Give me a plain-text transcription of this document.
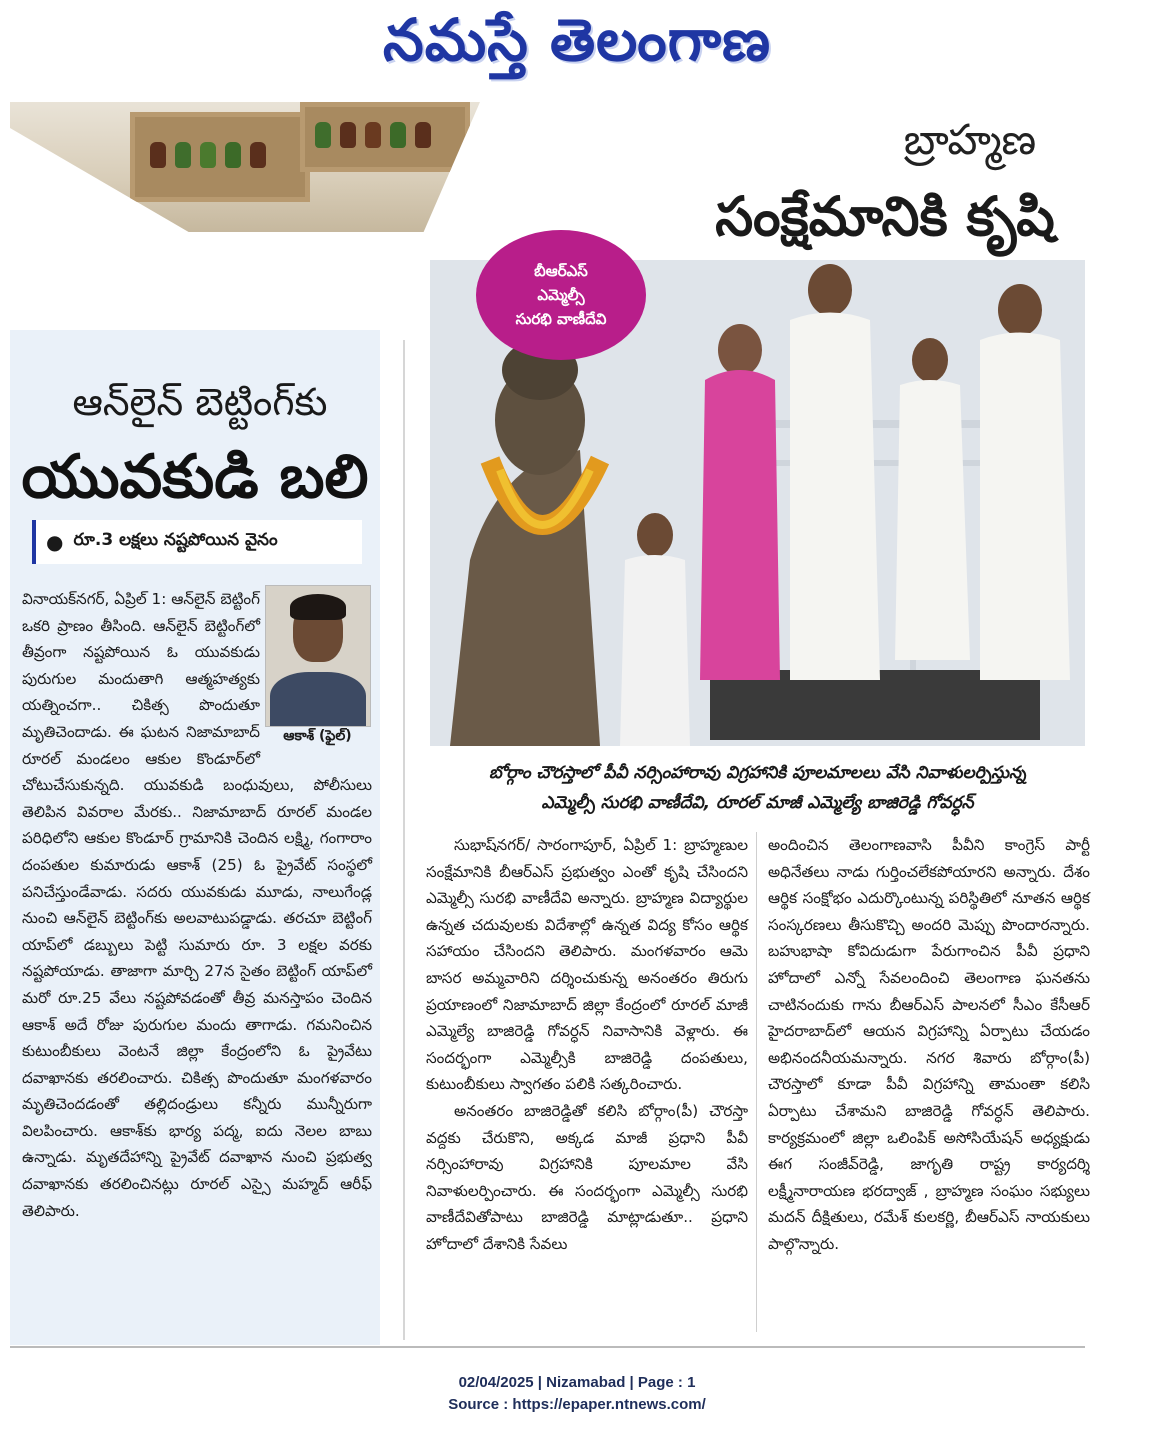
నమస్తే తెలంగాణ
బ్రాహ్మణ
సంక్షేమానికి కృషి
బీఆర్ఎస్
ఎమ్మెల్సీ
సురభి వాణీదేవి
బోర్గాం చౌరస్తాలో పీవీ నర్సింహారావు విగ్రహానికి పూలమాలలు వేసి నివాళులర్పిస్తున్న
ఎమ్మెల్సీ సురభి వాణీదేవి, రూరల్ మాజీ ఎమ్మెల్యే బాజిరెడ్డి గోవర్ధన్

సుభాష్‌నగర్/ సారంగాపూర్, ఏప్రిల్ 1: బ్రాహ్మణుల సంక్షేమానికి బీఆర్ఎస్ ప్రభుత్వం ఎంతో కృషి చేసిందని ఎమ్మెల్సీ సురభి వాణీదేవి అన్నారు. బ్రాహ్మణ విద్యార్థుల ఉన్నత చదువులకు విదేశాల్లో ఉన్నత విద్య కోసం ఆర్థిక సహాయం చేసిందని తెలిపారు. మంగళవారం ఆమె బాసర అమ్మవారిని దర్శించుకున్న అనంతరం తిరుగు ప్రయాణంలో నిజామాబాద్ జిల్లా కేంద్రంలో రూరల్ మాజీ ఎమ్మెల్యే బాజిరెడ్డి గోవర్ధన్ నివాసానికి వెళ్లారు. ఈ సందర్భంగా ఎమ్మెల్సీకి బాజిరెడ్డి దంపతులు, కుటుంబీకులు స్వాగతం పలికి సత్కరించారు.

అనంతరం బాజిరెడ్డితో కలిసి బోర్గాం(పీ) చౌరస్తా వద్దకు చేరుకొని, అక్కడ మాజీ ప్రధాని పీవీ నర్సింహారావు విగ్రహానికి పూలమాల వేసి నివాళులర్పించారు. ఈ సందర్భంగా ఎమ్మెల్సీ సురభి వాణీదేవితోపాటు బాజిరెడ్డి మాట్లాడుతూ.. ప్రధాని హోదాలో దేశానికి సేవలు

అందించిన తెలంగాణవాసి పీవీని కాంగ్రెస్ పార్టీ అధినేతలు నాడు గుర్తించలేకపోయారని అన్నారు. దేశం ఆర్థిక సంక్షోభం ఎదుర్కొంటున్న పరిస్థితిలో నూతన ఆర్థిక సంస్కరణలు తీసుకొచ్చి అందరి మెప్పు పొందారన్నారు. బహుభాషా కోవిదుడుగా పేరుగాంచిన పీవీ ప్రధాని హోదాలో ఎన్నో సేవలందించి తెలంగాణ ఘనతను చాటినందుకు గాను బీఆర్ఎస్ పాలనలో సీఎం కేసీఆర్ హైదరాబాద్‌లో ఆయన విగ్రహాన్ని ఏర్పాటు చేయడం అభినందనీయమన్నారు. నగర శివారు బోర్గాం(పీ) చౌరస్తాలో కూడా పీవీ విగ్రహాన్ని తామంతా కలిసి ఏర్పాటు చేశామని బాజిరెడ్డి గోవర్ధన్ తెలిపారు. కార్యక్రమంలో జిల్లా ఒలింపిక్ అసోసియేషన్ అధ్యక్షుడు ఈగ సంజీవ్‌రెడ్డి, జాగృతి రాష్ట్ర కార్యదర్శి లక్ష్మీనారాయణ భరద్వాజ్ , బ్రాహ్మణ సంఘం సభ్యులు మదన్ దీక్షితులు, రమేశ్ కులకర్ణి, బీఆర్ఎస్ నాయకులు పాల్గొన్నారు.

ఆన్‌లైన్ బెట్టింగ్‌కు
యువకుడి బలి
● రూ.3 లక్షలు నష్టపోయిన వైనం
ఆకాశ్ (ఫైల్)

వినాయక్‌నగర్, ఏప్రిల్ 1: ఆన్‌లైన్ బెట్టింగ్ ఒకరి ప్రాణం తీసింది. ఆన్‌లైన్ బెట్టింగ్‌లో తీవ్రంగా నష్టపోయిన ఓ యువకుడు పురుగుల మందుతాగి ఆత్మహత్యకు యత్నించగా.. చికిత్స పొందుతూ మృతిచెందాడు. ఈ ఘటన నిజామాబాద్ రూరల్ మండలం ఆకుల కొండూర్‌లో చోటుచేసుకున్నది. యువకుడి బంధువులు, పోలీసులు తెలిపిన వివరాల మేరకు.. నిజామాబాద్ రూరల్ మండల పరిధిలోని ఆకుల కొండూర్ గ్రామానికి చెందిన లక్ష్మి, గంగారాం దంపతుల కుమారుడు ఆకాశ్ (25) ఓ ప్రైవేట్ సంస్థలో పనిచేస్తుండేవాడు. సదరు యువకుడు మూడు, నాలుగేండ్ల నుంచి ఆన్‌లైన్ బెట్టింగ్‌కు అలవాటుపడ్డాడు. తరచూ బెట్టింగ్ యాప్‌లో డబ్బులు పెట్టి సుమారు రూ. 3 లక్షల వరకు నష్టపోయాడు. తాజాగా మార్చి 27న సైతం బెట్టింగ్ యాప్‌లో మరో రూ.25 వేలు నష్టపోవడంతో తీవ్ర మనస్తాపం చెందిన ఆకాశ్ అదే రోజు పురుగుల మందు తాగాడు. గమనించిన కుటుంబీకులు వెంటనే జిల్లా కేంద్రంలోని ఓ ప్రైవేటు దవాఖానకు తరలించారు. చికిత్స పొందుతూ మంగళవారం మృతిచెందడంతో తల్లిదండ్రులు కన్నీరు మున్నీరుగా విలపించారు. ఆకాశ్‌కు భార్య పద్మ, ఐదు నెలల బాబు ఉన్నాడు. మృతదేహాన్ని ప్రైవేట్ దవాఖాన నుంచి ప్రభుత్వ దవాఖానకు తరలించినట్లు రూరల్ ఎస్సై మహ్మద్ ఆరీఫ్ తెలిపారు.

02/04/2025 | Nizamabad | Page : 1
Source : https://epaper.ntnews.com/
